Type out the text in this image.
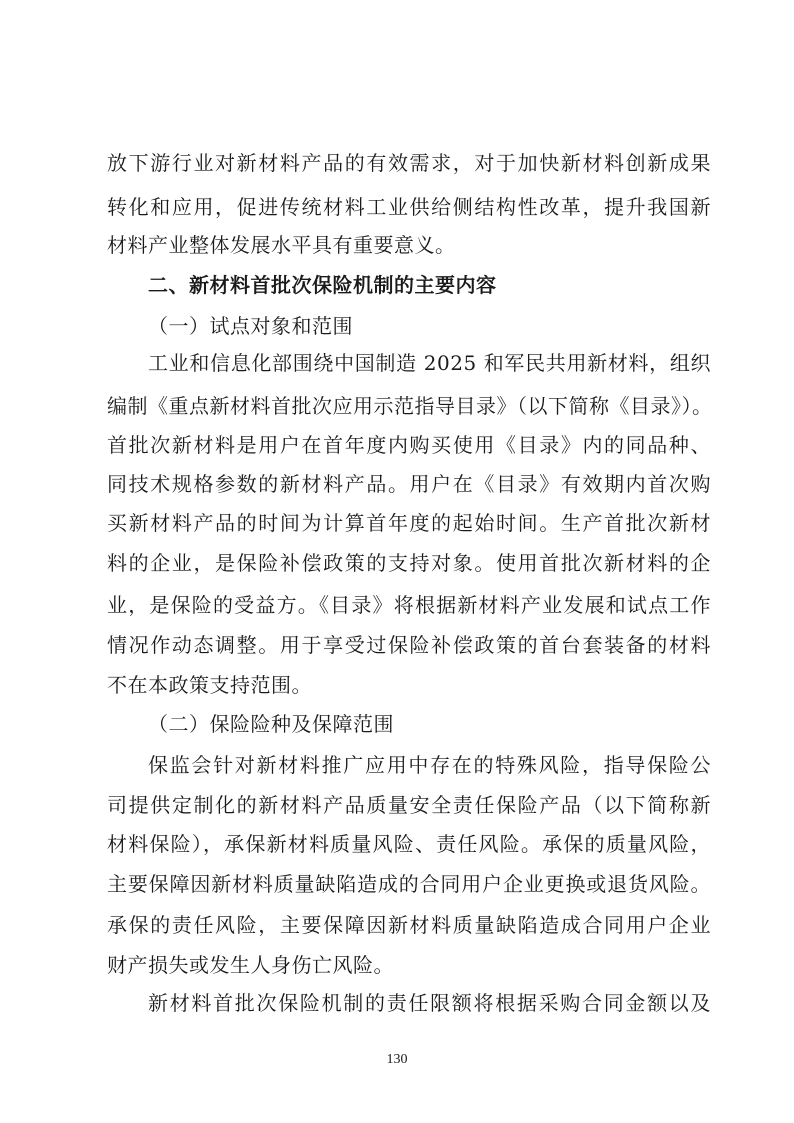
放下游行业对新材料产品的有效需求，对于加快新材料创新成果
转化和应用，促进传统材料工业供给侧结构性改革，提升我国新
材料产业整体发展水平具有重要意义。
二、新材料首批次保险机制的主要内容
（一）试点对象和范围
工业和信息化部围绕中国制造 2025 和军民共用新材料，组织
编制《重点新材料首批次应用示范指导目录》（以下简称《目录》）。
首批次新材料是用户在首年度内购买使用《目录》内的同品种、
同技术规格参数的新材料产品。用户在《目录》有效期内首次购
买新材料产品的时间为计算首年度的起始时间。生产首批次新材
料的企业，是保险补偿政策的支持对象。使用首批次新材料的企
业，是保险的受益方。《目录》将根据新材料产业发展和试点工作
情况作动态调整。用于享受过保险补偿政策的首台套装备的材料
不在本政策支持范围。
（二）保险险种及保障范围
保监会针对新材料推广应用中存在的特殊风险，指导保险公
司提供定制化的新材料产品质量安全责任保险产品（以下简称新
材料保险），承保新材料质量风险、责任风险。承保的质量风险，
主要保障因新材料质量缺陷造成的合同用户企业更换或退货风险。
承保的责任风险，主要保障因新材料质量缺陷造成合同用户企业
财产损失或发生人身伤亡风险。
新材料首批次保险机制的责任限额将根据采购合同金额以及
130
